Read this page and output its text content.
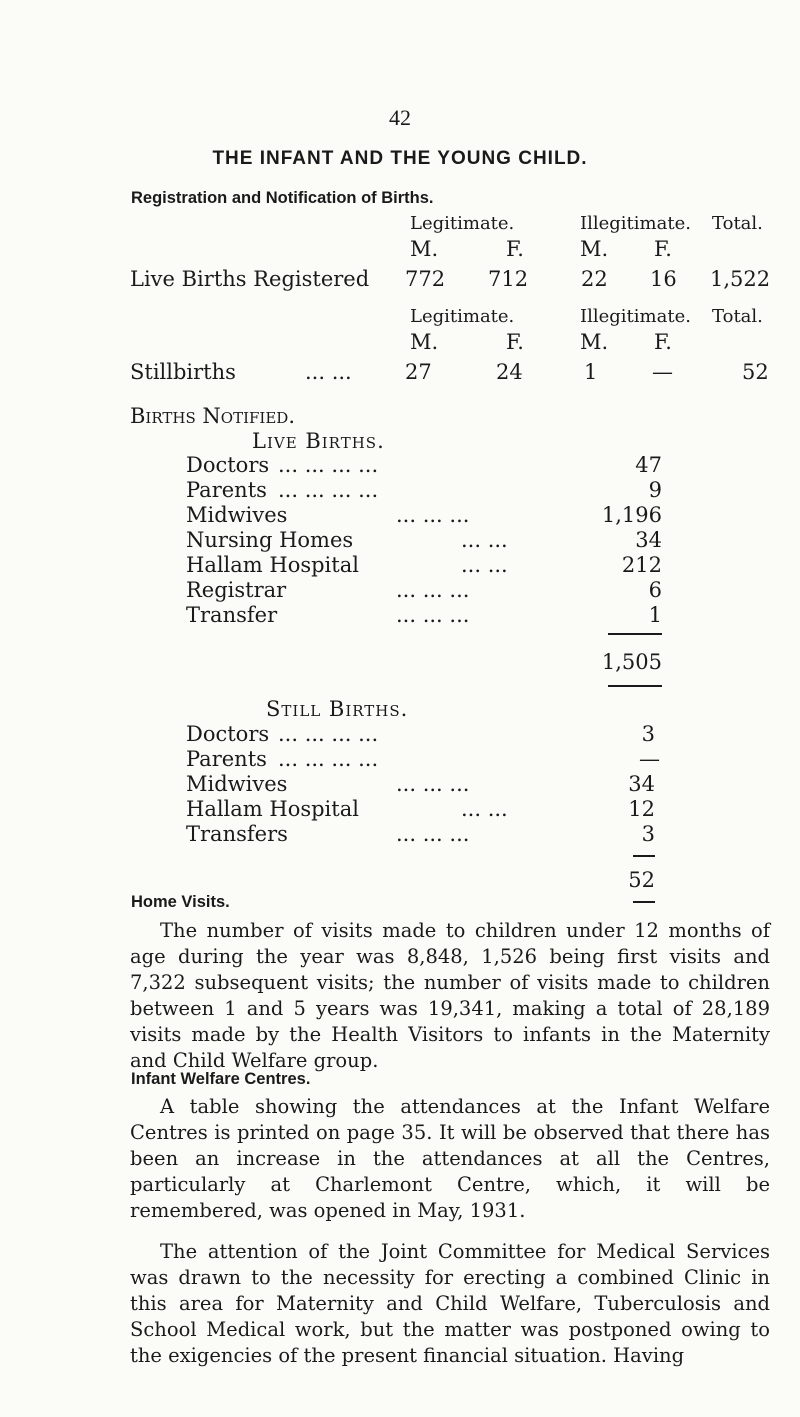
42
THE INFANT AND THE YOUNG CHILD.
Registration and Notification of Births.
Legitimate.	Illegitimate. Total.
M.	F.	M. F.
Live Births Registered 772 712	22 16 1,522
Legitimate.	Illegitimate. Total.
M.	F.	M. F.
Stillbirths	... ...	27	24	1	—	52
Births Notified.
Live Births.
Doctors ... ... ... ...	47
Parents ... ... ... ...	9
Midwives	... ... ...	1,196
Nursing Homes	... ...	34
Hallam Hospital	... ...	212
Registrar	... ... ...	6
Transfer	... ... ...	1
1,505
Still Births.
Doctors ... ... ... ...	3
Parents ... ... ... ...	—
Midwives	... ... ...	34
Hallam Hospital	... ...	12
Transfers	... ... ...	3
52
Home Visits.

The number of visits made to children under 12 months of age during the year was 8,848, 1,526 being first visits and 7,322 subsequent visits; the number of visits made to children between 1 and 5 years was 19,341, making a total of 28,189 visits made by the Health Visitors to infants in the Maternity and Child Welfare group.

Infant Welfare Centres.

A table showing the attendances at the Infant Welfare Centres is printed on page 35. It will be observed that there has been an increase in the attendances at all the Centres, particularly at Charlemont Centre, which, it will be remembered, was opened in May, 1931.

The attention of the Joint Committee for Medical Services was drawn to the necessity for erecting a combined Clinic in this area for Maternity and Child Welfare, Tuberculosis and School Medical work, but the matter was postponed owing to the exigencies of the present financial situation. Having
